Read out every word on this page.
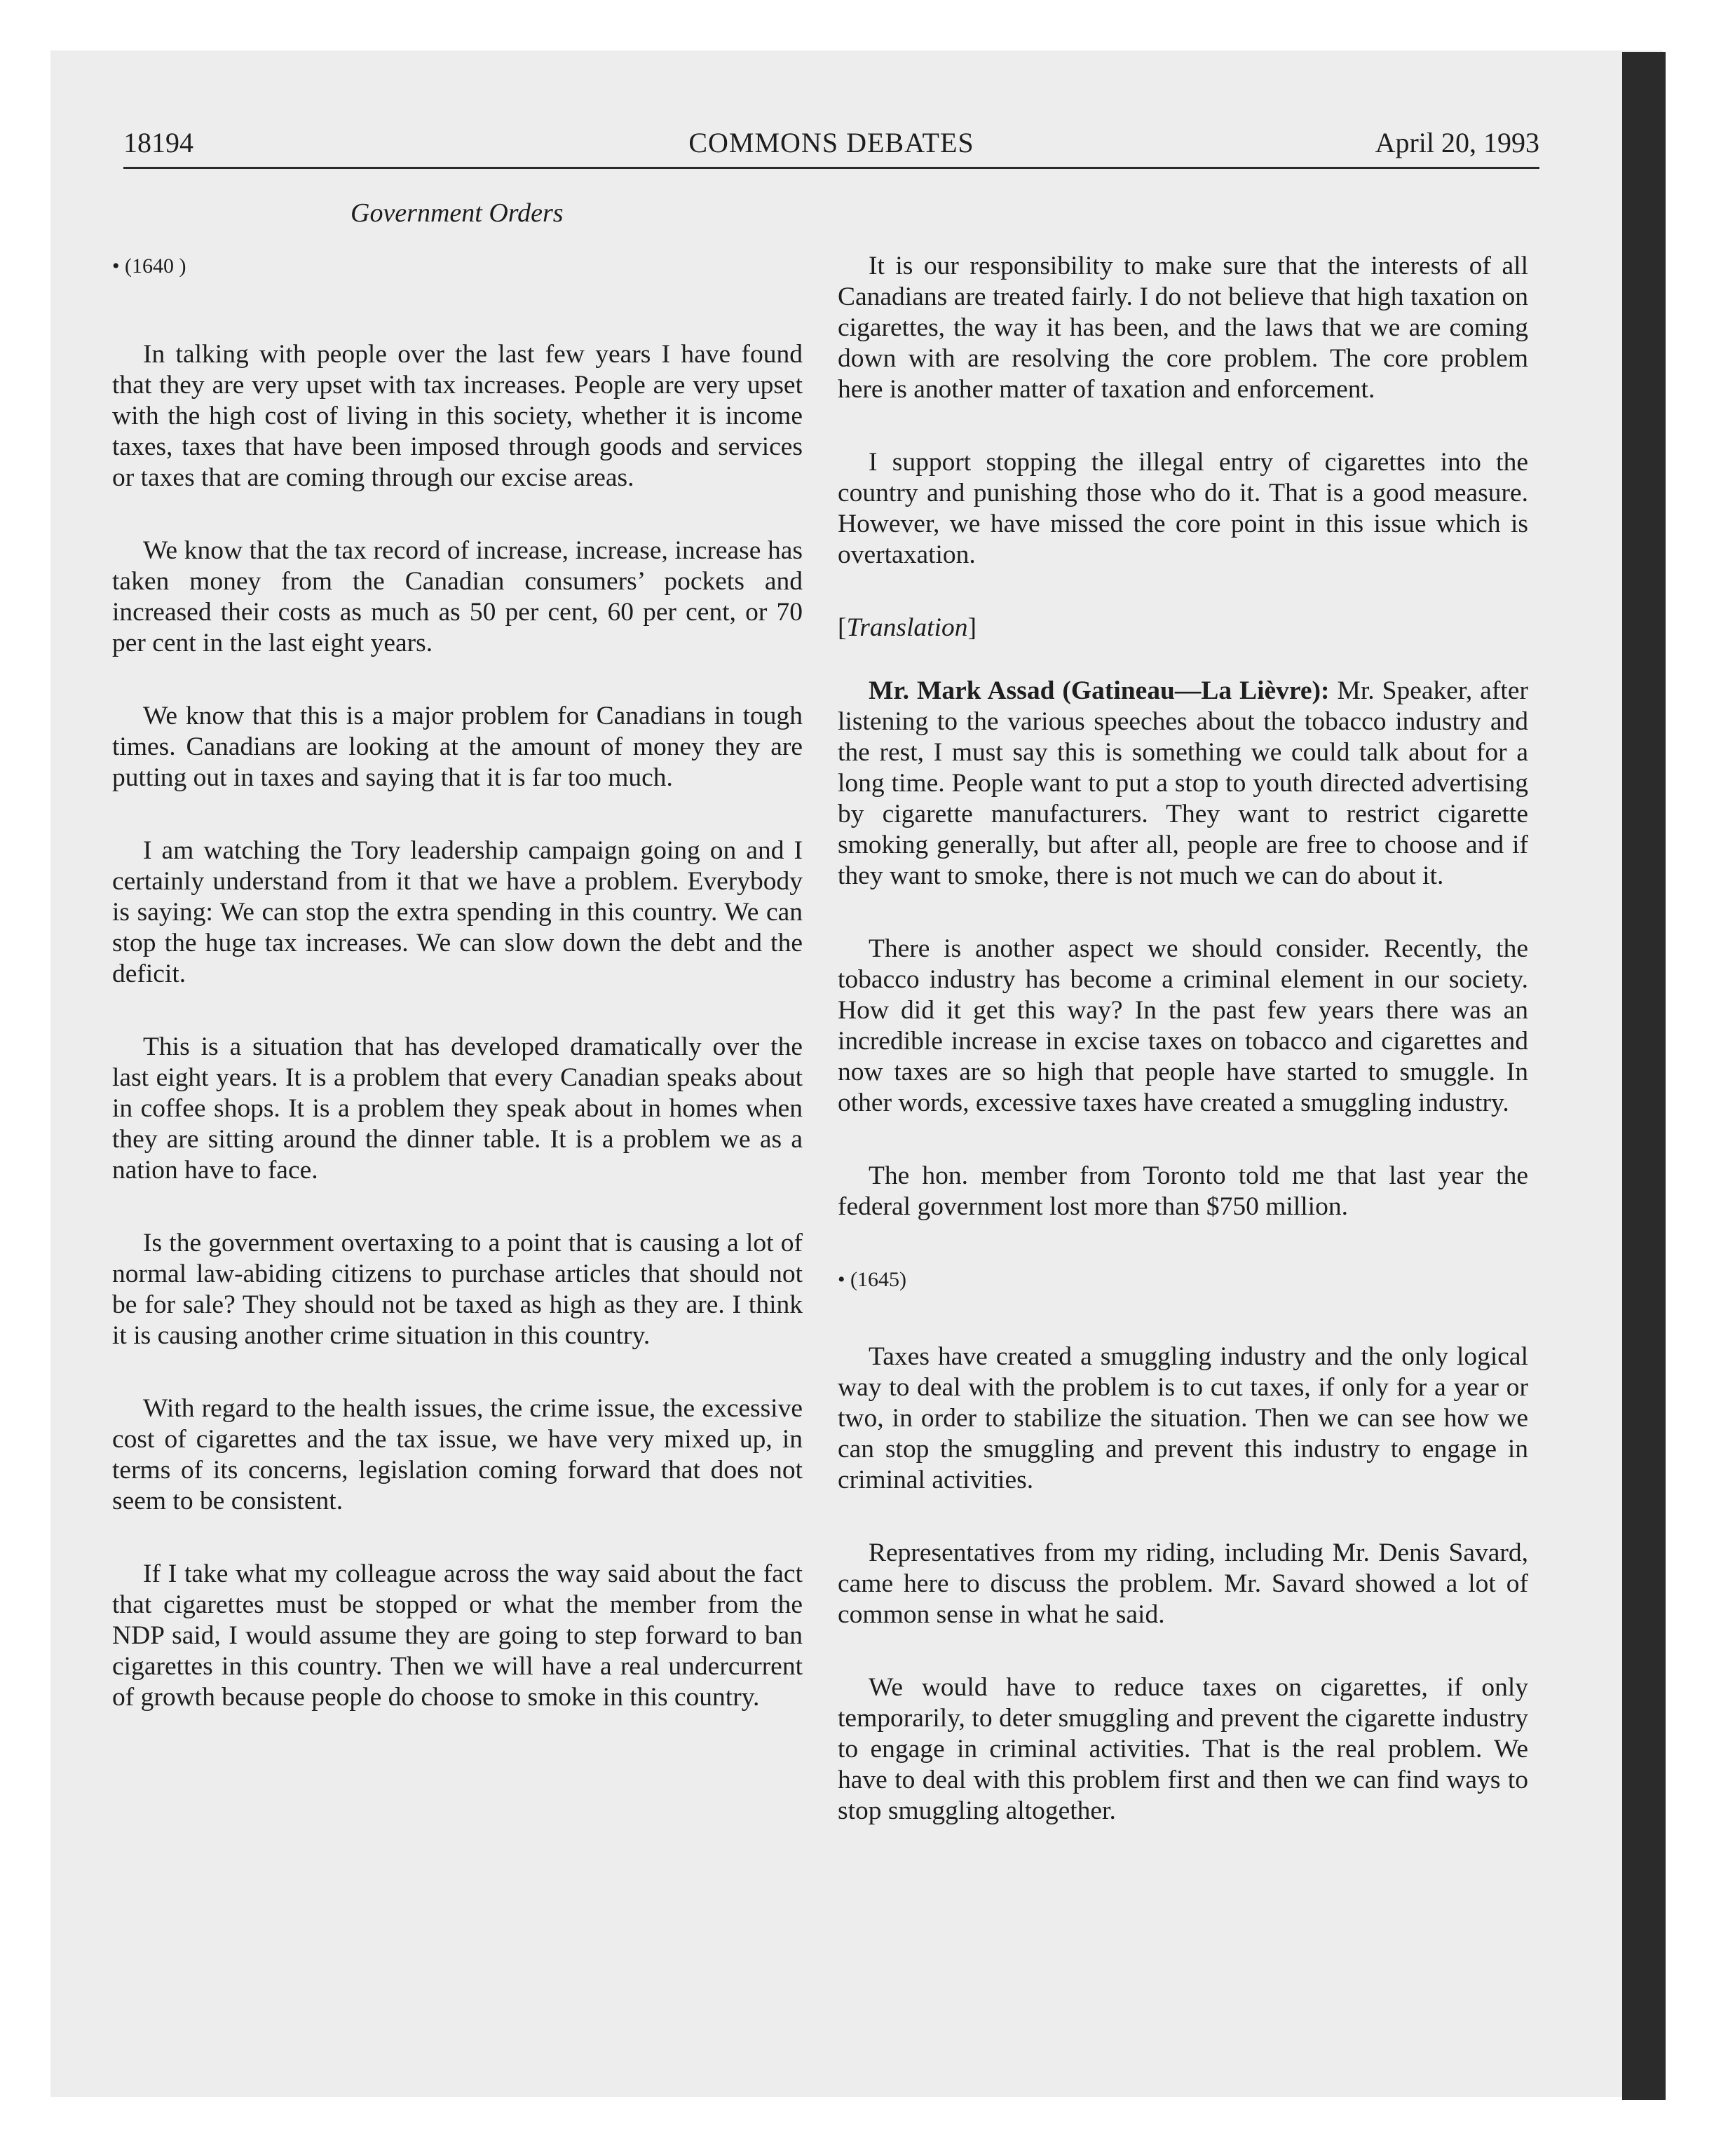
18194	COMMONS DEBATES	April 20, 1993
Government Orders

• (1640 )

In talking with people over the last few years I have found that they are very upset with tax increases. People are very upset with the high cost of living in this society, whether it is income taxes, taxes that have been imposed through goods and services or taxes that are coming through our excise areas.

We know that the tax record of increase, increase, increase has taken money from the Canadian consumers’ pockets and increased their costs as much as 50 per cent, 60 per cent, or 70 per cent in the last eight years.

We know that this is a major problem for Canadians in tough times. Canadians are looking at the amount of money they are putting out in taxes and saying that it is far too much.

I am watching the Tory leadership campaign going on and I certainly understand from it that we have a problem. Everybody is saying: We can stop the extra spending in this country. We can stop the huge tax increases. We can slow down the debt and the deficit.

This is a situation that has developed dramatically over the last eight years. It is a problem that every Canadian speaks about in coffee shops. It is a problem they speak about in homes when they are sitting around the dinner table. It is a problem we as a nation have to face.

Is the government overtaxing to a point that is causing a lot of normal law-abiding citizens to purchase articles that should not be for sale? They should not be taxed as high as they are. I think it is causing another crime situation in this country.

With regard to the health issues, the crime issue, the excessive cost of cigarettes and the tax issue, we have very mixed up, in terms of its concerns, legislation coming forward that does not seem to be consistent.

If I take what my colleague across the way said about the fact that cigarettes must be stopped or what the member from the NDP said, I would assume they are going to step forward to ban cigarettes in this country. Then we will have a real undercurrent of growth because people do choose to smoke in this country.

It is our responsibility to make sure that the interests of all Canadians are treated fairly. I do not believe that high taxation on cigarettes, the way it has been, and the laws that we are coming down with are resolving the core problem. The core problem here is another matter of taxation and enforcement.

I support stopping the illegal entry of cigarettes into the country and punishing those who do it. That is a good measure. However, we have missed the core point in this issue which is overtaxation.

[Translation]

Mr. Mark Assad (Gatineau—La Lièvre): Mr. Speaker, after listening to the various speeches about the tobacco industry and the rest, I must say this is something we could talk about for a long time. People want to put a stop to youth directed advertising by cigarette manufacturers. They want to restrict cigarette smoking generally, but after all, people are free to choose and if they want to smoke, there is not much we can do about it.

There is another aspect we should consider. Recently, the tobacco industry has become a criminal element in our society. How did it get this way? In the past few years there was an incredible increase in excise taxes on tobacco and cigarettes and now taxes are so high that people have started to smuggle. In other words, excessive taxes have created a smuggling industry.

The hon. member from Toronto told me that last year the federal government lost more than $750 million.

• (1645)

Taxes have created a smuggling industry and the only logical way to deal with the problem is to cut taxes, if only for a year or two, in order to stabilize the situation. Then we can see how we can stop the smuggling and prevent this industry to engage in criminal activities.

Representatives from my riding, including Mr. Denis Savard, came here to discuss the problem. Mr. Savard showed a lot of common sense in what he said.

We would have to reduce taxes on cigarettes, if only temporarily, to deter smuggling and prevent the cigarette industry to engage in criminal activities. That is the real problem. We have to deal with this problem first and then we can find ways to stop smuggling altogether.
